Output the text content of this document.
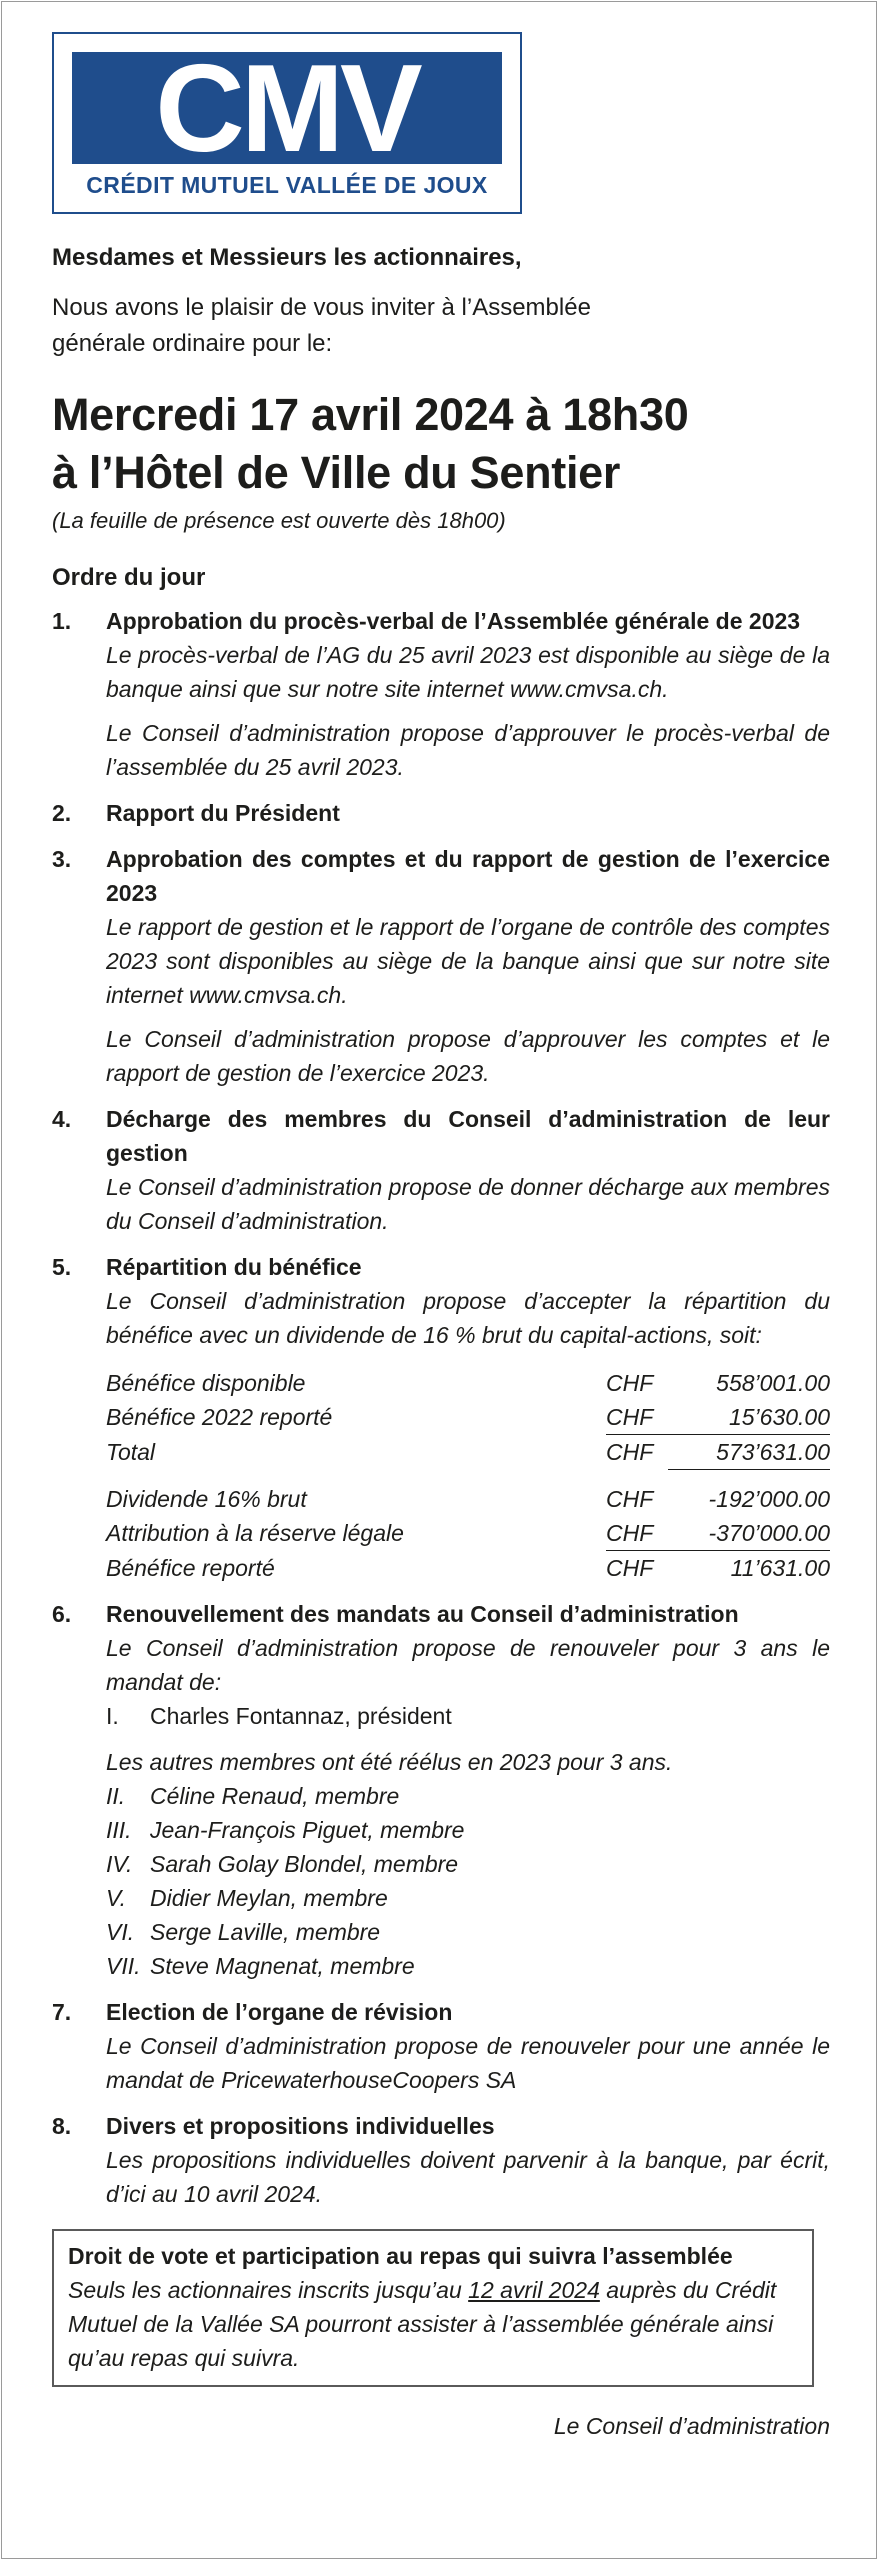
CMV
CRÉDIT MUTUEL VALLÉE DE JOUX
Mesdames et Messieurs les actionnaires,
Nous avons le plaisir de vous inviter à l’Assemblée
générale ordinaire pour le:
Mercredi 17 avril 2024 à 18h30
à l’Hôtel de Ville du Sentier
(La feuille de présence est ouverte dès 18h00)
Ordre du jour
1. Approbation du procès-verbal de l’Assemblée générale de 2023
Le procès-verbal de l’AG du 25 avril 2023 est disponible au siège de la banque ainsi que sur notre site internet www.cmvsa.ch.
Le Conseil d’administration propose d’approuver le procès-verbal de l’assemblée du 25 avril 2023.
2. Rapport du Président
3. Approbation des comptes et du rapport de gestion de l’exercice 2023
Le rapport de gestion et le rapport de l’organe de contrôle des comptes 2023 sont disponibles au siège de la banque ainsi que sur notre site internet www.cmvsa.ch.
Le Conseil d’administration propose d’approuver les comptes et le rapport de gestion de l’exercice 2023.
4. Décharge des membres du Conseil d’administration de leur gestion
Le Conseil d’administration propose de donner décharge aux membres du Conseil d’administration.
5. Répartition du bénéfice
Le Conseil d’administration propose d’accepter la répartition du bénéfice avec un dividende de 16 % brut du capital-actions, soit:
Bénéfice disponible	CHF	558’001.00
Bénéfice 2022 reporté	CHF	15’630.00
Total	CHF	573’631.00
Dividende 16% brut	CHF	-192’000.00
Attribution à la réserve légale	CHF	-370’000.00
Bénéfice reporté	CHF	11’631.00
6. Renouvellement des mandats au Conseil d’administration
Le Conseil d’administration propose de renouveler pour 3 ans le mandat de:
I.	Charles Fontannaz, président
Les autres membres ont été réélus en 2023 pour 3 ans.
II.	Céline Renaud, membre
III. Jean-François Piguet, membre
IV. Sarah Golay Blondel, membre
V.	Didier Meylan, membre
VI. Serge Laville, membre
VII. Steve Magnenat, membre
7. Election de l’organe de révision
Le Conseil d’administration propose de renouveler pour une année le mandat de PricewaterhouseCoopers SA
8. Divers et propositions individuelles
Les propositions individuelles doivent parvenir à la banque, par écrit, d’ici au 10 avril 2024.
Droit de vote et participation au repas qui suivra l’assemblée
Seuls les actionnaires inscrits jusqu’au 12 avril 2024 auprès du Crédit Mutuel de la Vallée SA pourront assister à l’assemblée générale ainsi qu’au repas qui suivra.
Le Conseil d’administration
